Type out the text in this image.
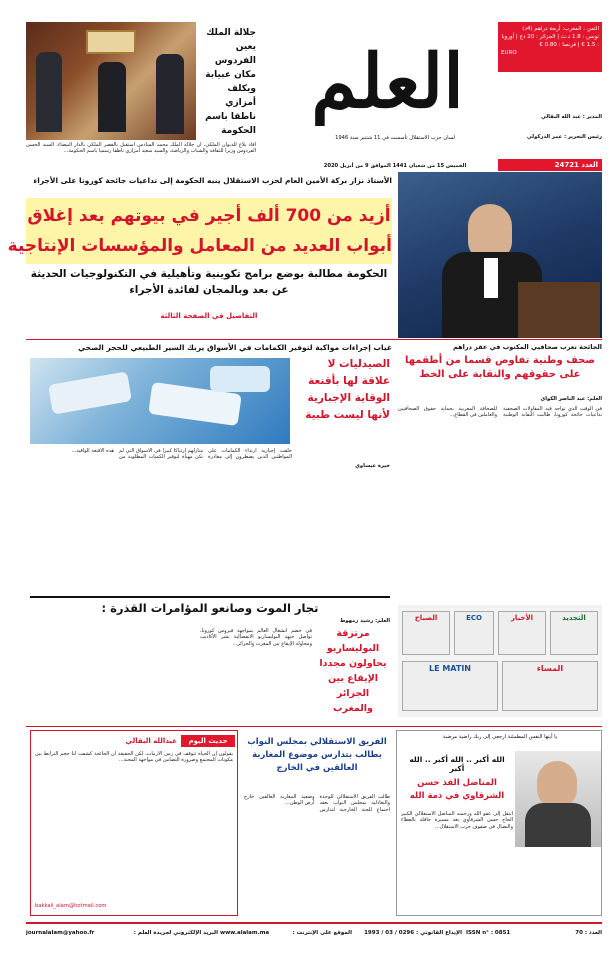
جلالة الملك يعين الفردوس مكان عبيابة ويكلف أمزازي ناطقا باسم الحكومة
أفاد بلاغ للديوان الملكي، أن جلالة الملك محمد السادس استقبل بالقصر الملكي بالدار البيضاء، السيد الحسن الفردوس وزيرا للثقافة والشباب والرياضة، والسيد سعيد أمزازي ناطقا رسميا باسم الحكومة...
العلم
لسان حزب الاستقلال تأسست في 11 شتنبر سنة 1946
الخميس 15 من شعبان 1441 الموافق 9 من أبريل 2020
الثمن : المغرب: أربعة دراهم (4د)
تونس : 1.8 د.ت | الجزائر : 20 دج | أوروبا : 1.5 € | فرنسا : 0.80 €
EURO
المدير : عبد الله البقالي
رئيس التحرير : عمر الدركولي
العدد 24721
الأستاذ نزار بركة الأمين العام لحزب الاستقلال ينبه الحكومة إلى تداعيات جائحة كورونا على الأجراء
أزيد من 700 ألف أجير في بيوتهم بعد إغلاق
أبواب العديد من المعامل والمؤسسات الإنتاجية
الحكومة مطالبة بوضع برامج تكوينية وتأهيلية في التكنولوجيات الحديثة عن بعد وبالمجان لفائدة الأجراء
التفاصيل في الصفحة الثالثة
غياب إجراءات مواكبة لتوفير الكمامات في الأسواق يربك السير الطبيعي للحجر الصحي
الصيدليات لا علاقة لها بأقنعة الوقاية الإجبارية لأنها ليست طبية
خيرة عيساوي
خلقت إجبارية ارتداء الكمامات على المواطنين الذين يضطرون إلى مغادرة منازلهم ارتباكا كبيرا في الأسواق التي لم تكن مهيأة لتوفير الكميات المطلوبة من هذه الأقنعة الواقية...
الجائحة تعرب صحافيي المكتوب في عقر دراهم
صحف وطنية تفاوض قسما من أطقمها على حقوقهم والنقابة على الخط
العلم: عبد الناصر الكواي
في الوقت الذي تواجه فيه المقاولات الصحفية تداعيات جائحة كورونا، طالبت النقابة الوطنية للصحافة المغربية بحماية حقوق الصحافيين والعاملين في القطاع...
تجار الموت وصانعو المؤامرات القذرة :
العلم: رشيد زمهوط
في خضم انشغال العالم بمواجهة فيروس كورونا، تواصل جبهة البوليساريو الانفصالية نشر الأكاذيب ومحاولة الإيقاع بين المغرب والجزائر...
مرتزقة البوليساريو يحاولون مجددا الإيقاع بين الجزائر والمغرب
الصباح	ECO	الأخبار	التجديد
LE MATIN	المساء
حديث اليوم
عبدالله البقالي
يقولون إن الحياة تتوقف في زمن الأزمات، لكن الحقيقة أن الجائحة كشفت لنا حجم الترابط بين مكونات المجتمع وضرورة التضامن في مواجهة المحنة...
bakkali_alam@hotmail.com
الفريق الاستقلالي بمجلس النواب يطالب بتدارس موضوع المغاربة العالقين في الخارج
طالب الفريق الاستقلالي للوحدة والتعادلية بمجلس النواب بعقد اجتماع للجنة الخارجية لتدارس وضعية المغاربة العالقين خارج أرض الوطن...
يا أيتها النفس المطمئنة ارجعي إلى ربك راضية مرضية
الله أكبر .. الله أكبر .. الله أكبر
المناضل الفذ حسن الشرقاوي في ذمة الله
انتقل إلى عفو الله ورحمته المناضل الاستقلالي الكبير الحاج حسن الشرقاوي بعد مسيرة حافلة بالعطاء والنضال في صفوف حزب الاستقلال...
العدد : 70
ISSN n° : 0851
الإيداع القانوني : 0296 / 03 / 1993
الموقع على الإنترنت :
www.alalam.ma
البريد الإلكتروني لجريدة العلم :
journalalam@yahoo.fr
